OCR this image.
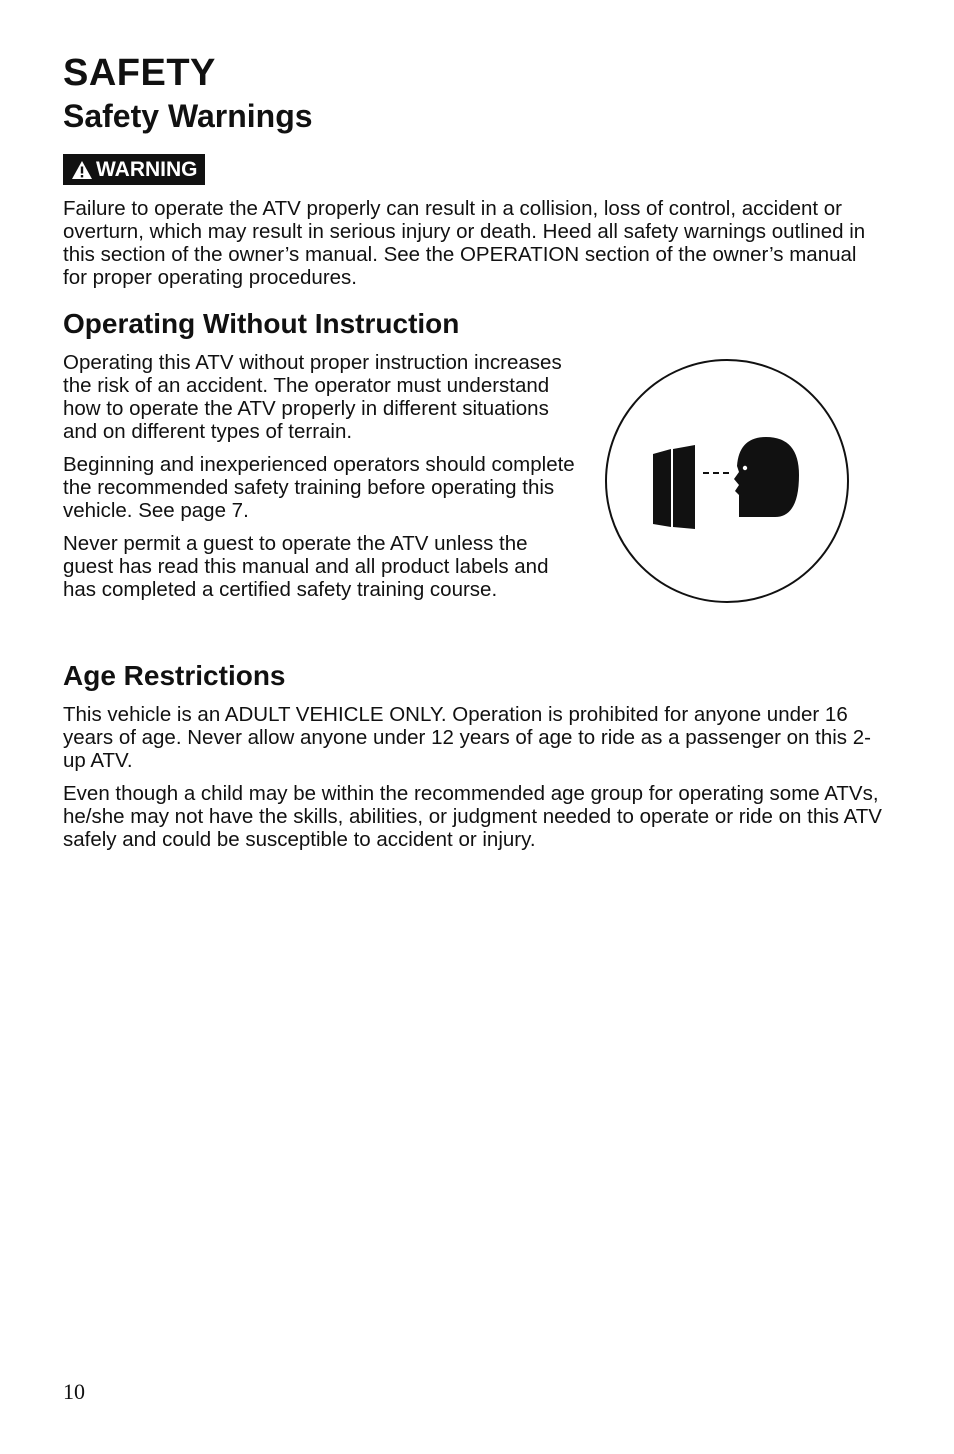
SAFETY
Safety Warnings
WARNING

Failure to operate the ATV properly can result in a collision, loss of control, accident or overturn, which may result in serious injury or death. Heed all safety warnings outlined in this section of the owner’s manual. See the OPERATION section of the owner’s manual for proper operating procedures.

Operating Without Instruction

Operating this ATV without proper instruction increases the risk of an accident. The operator must understand how to operate the ATV properly in different situations and on different types of terrain.

Beginning and inexperienced operators should complete the recommended safety training before operating this vehicle. See page 7.

Never permit a guest to operate the ATV unless the guest has read this manual and all product labels and has completed a certified safety training course.

Age Restrictions

This vehicle is an ADULT VEHICLE ONLY. Operation is prohibited for anyone under 16 years of age. Never allow anyone under 12 years of age to ride as a passenger on this 2-up ATV.

Even though a child may be within the recommended age group for operating some ATVs, he/she may not have the skills, abilities, or judgment needed to operate or ride on this ATV safely and could be susceptible to accident or injury.

10
